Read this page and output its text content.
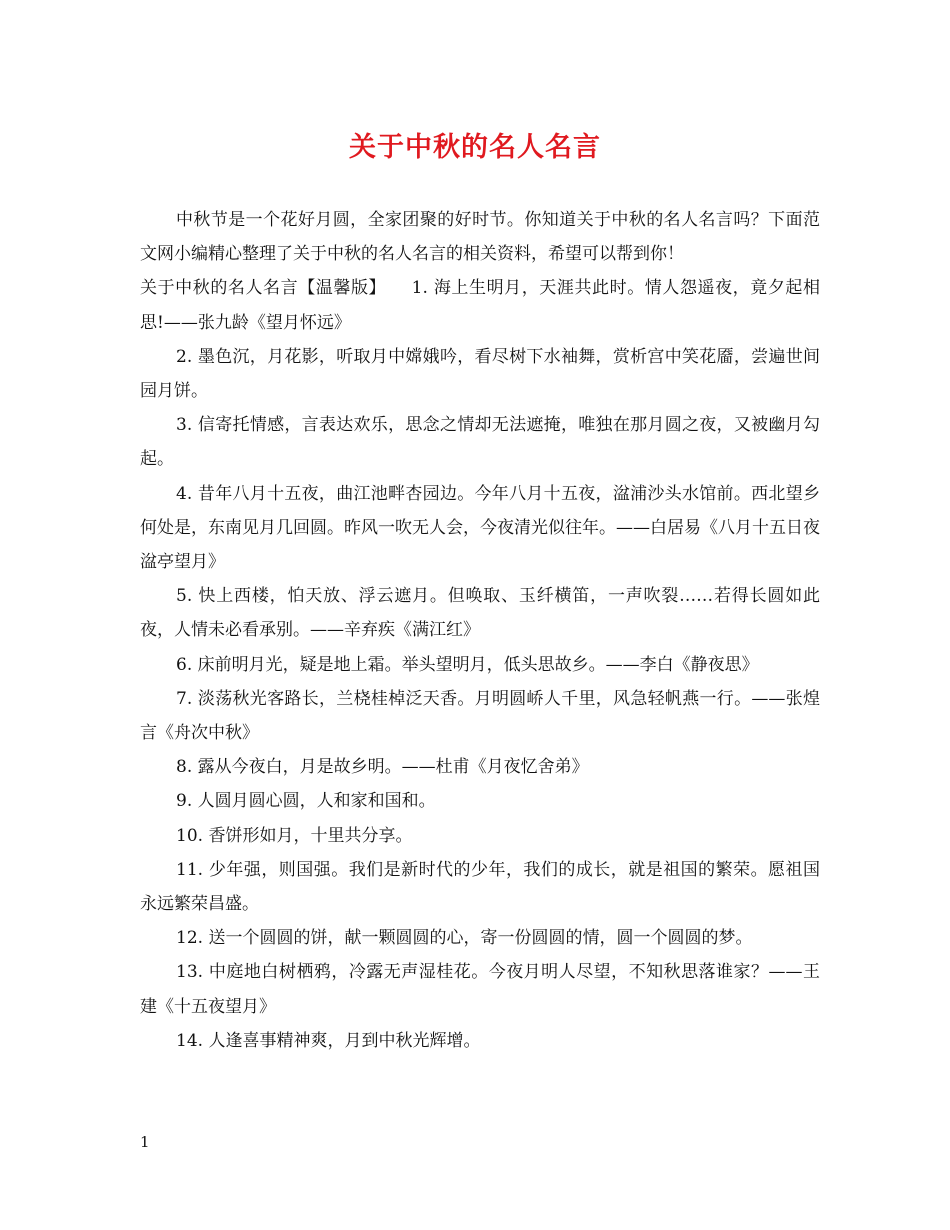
关于中秋的名人名言

中秋节是一个花好月圆，全家团聚的好时节。你知道关于中秋的名人名言吗？下面范文网小编精心整理了关于中秋的名人名言的相关资料，希望可以帮到你！

关于中秋的名人名言【温馨版】   1. 海上生明月，天涯共此时。情人怨遥夜，竟夕起相思!——张九龄《望月怀远》

2. 墨色沉，月花影，听取月中嫦娥吟，看尽树下水袖舞，赏析宫中笑花靥，尝遍世间园月饼。

3. 信寄托情感，言表达欢乐，思念之情却无法遮掩，唯独在那月圆之夜，又被幽月勾起。

4. 昔年八月十五夜，曲江池畔杏园边。今年八月十五夜，湓浦沙头水馆前。西北望乡何处是，东南见月几回圆。昨风一吹无人会，今夜清光似往年。——白居易《八月十五日夜湓亭望月》

5. 快上西楼，怕天放、浮云遮月。但唤取、玉纤横笛，一声吹裂……若得长圆如此夜，人情未必看承别。——辛弃疾《满江红》

6. 床前明月光，疑是地上霜。举头望明月，低头思故乡。——李白《静夜思》

7. 淡荡秋光客路长，兰桡桂棹泛天香。月明圆峤人千里，风急轻帆燕一行。——张煌言《舟次中秋》

8. 露从今夜白，月是故乡明。——杜甫《月夜忆舍弟》

9. 人圆月圆心圆，人和家和国和。

10. 香饼形如月，十里共分享。

11. 少年强，则国强。我们是新时代的少年，我们的成长，就是祖国的繁荣。愿祖国永远繁荣昌盛。

12. 送一个圆圆的饼，献一颗圆圆的心，寄一份圆圆的情，圆一个圆圆的梦。

13. 中庭地白树栖鸦，冷露无声湿桂花。今夜月明人尽望，不知秋思落谁家？——王建《十五夜望月》

14. 人逢喜事精神爽，月到中秋光辉增。

1
